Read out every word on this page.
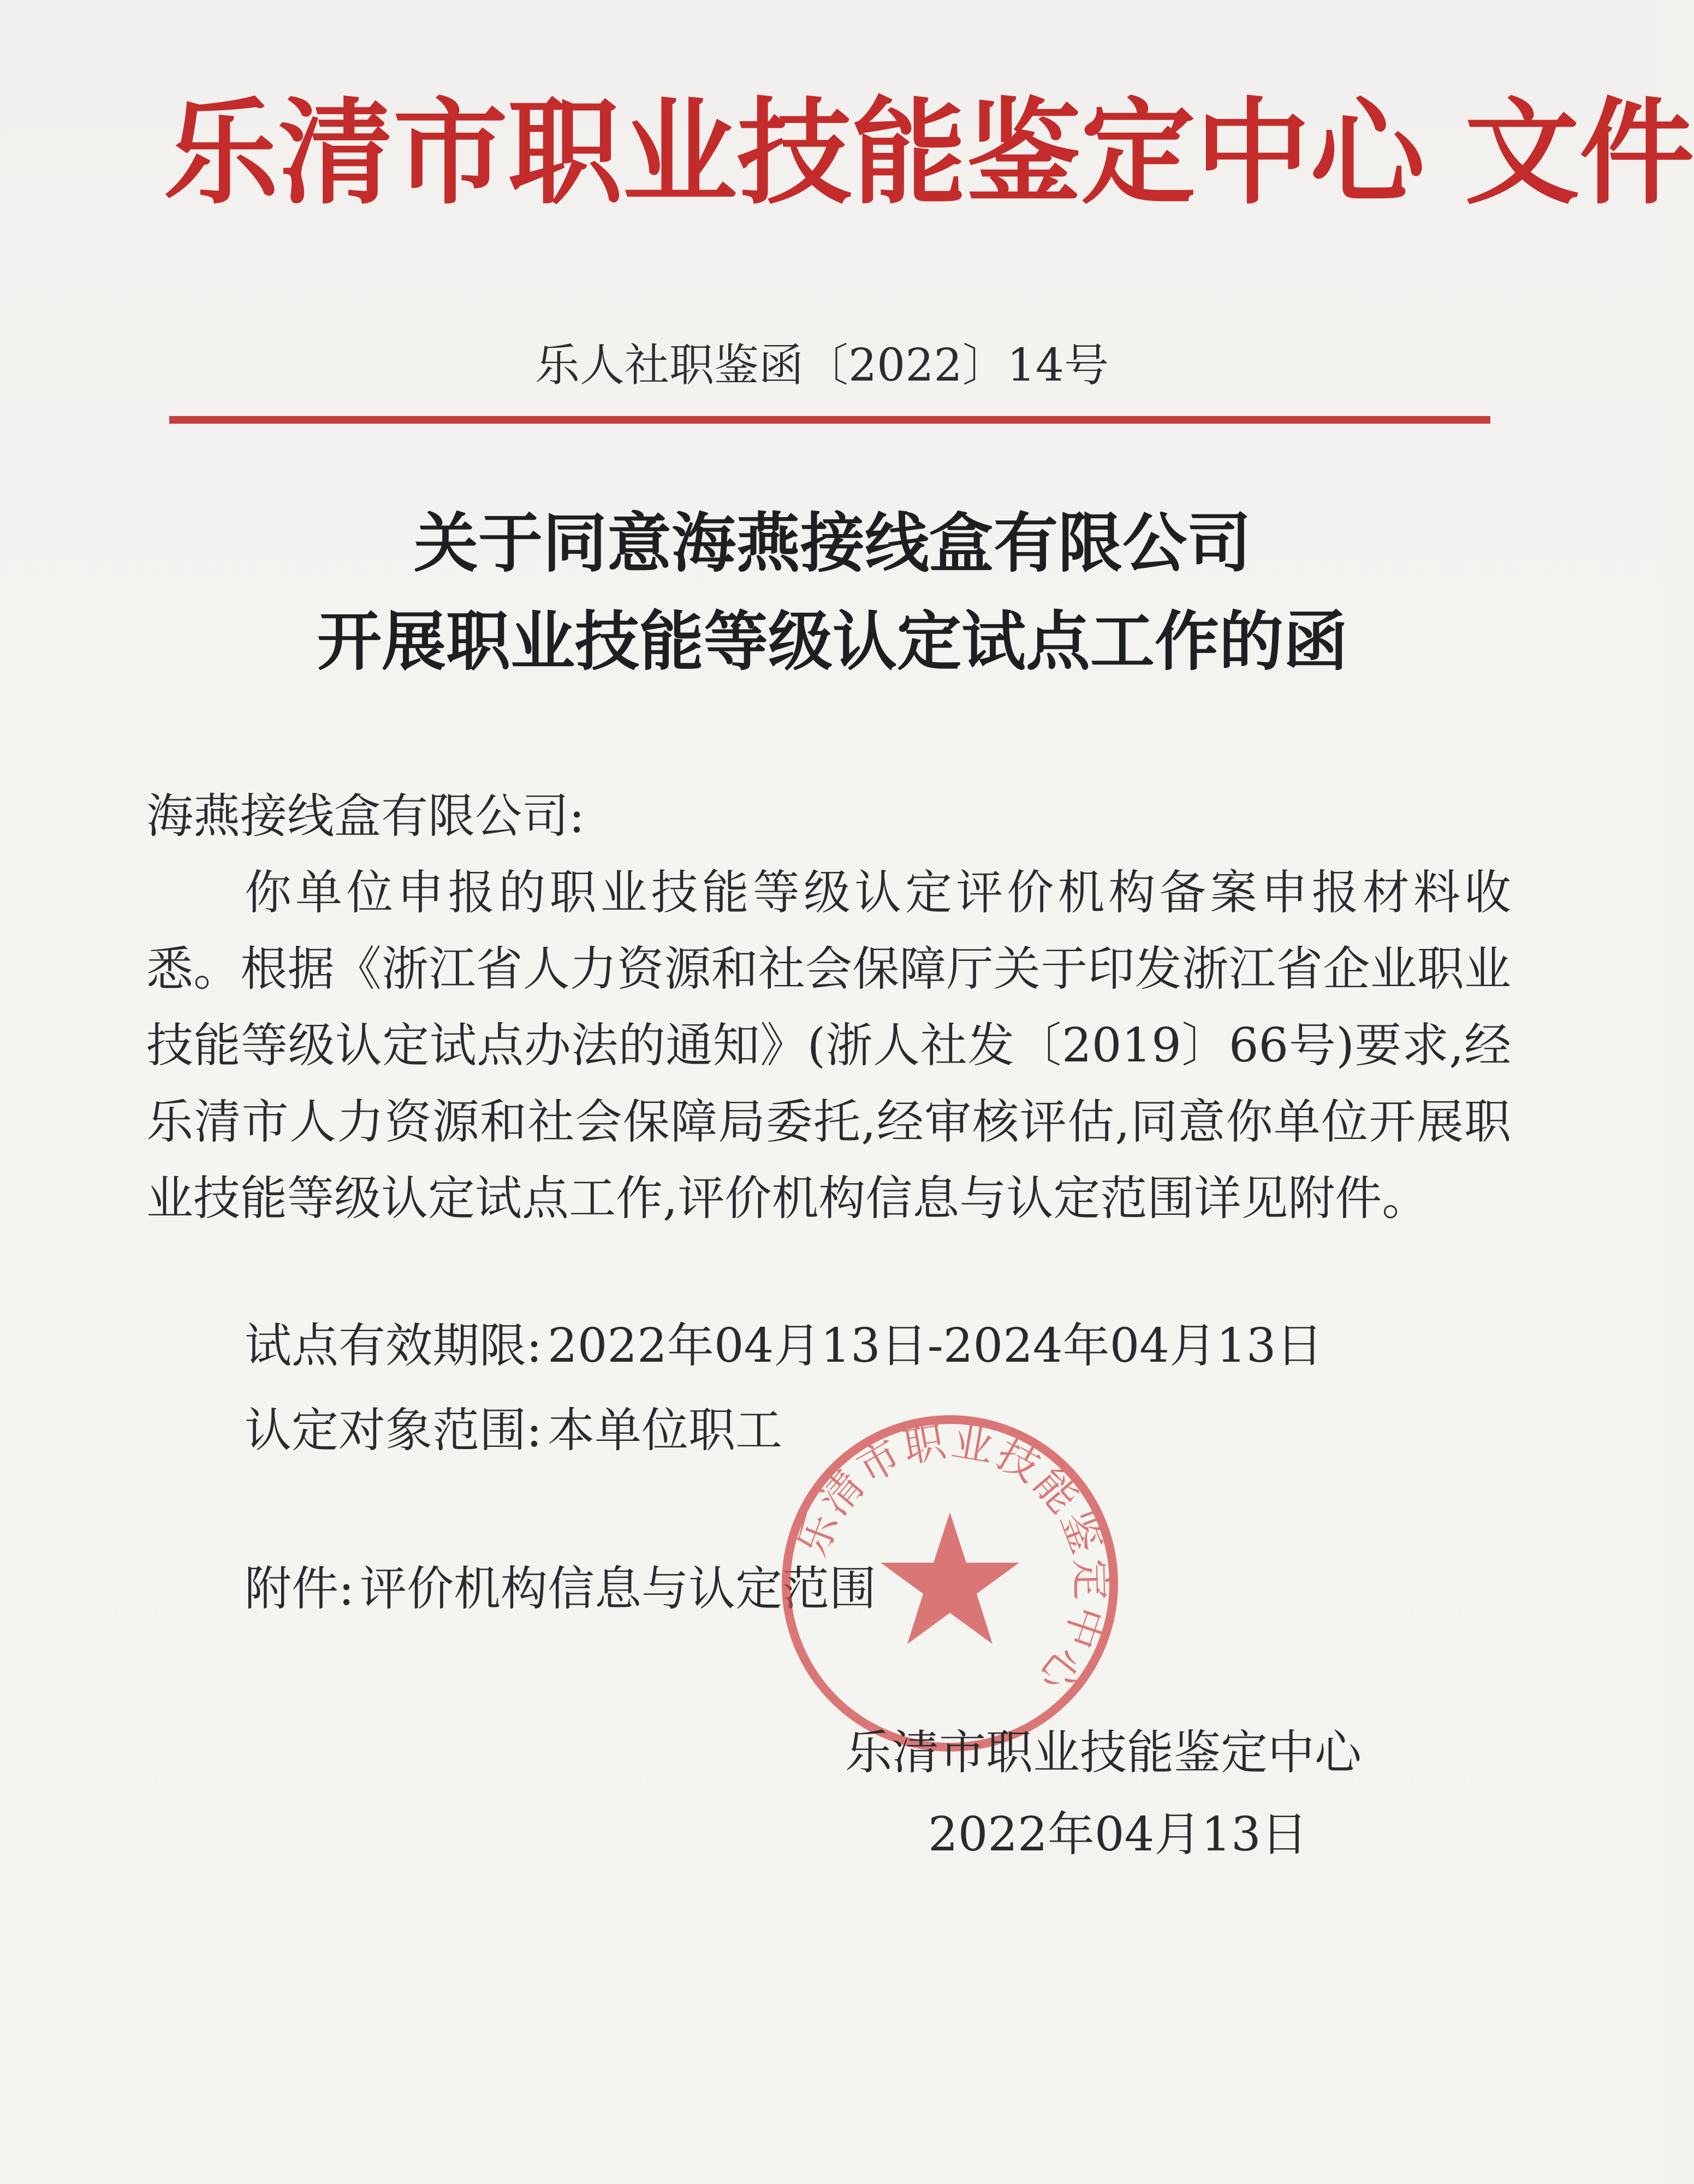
乐清市职业技能鉴定中心 文件

乐人社职鉴函〔2022〕14号

关于同意海燕接线盒有限公司
开展职业技能等级认定试点工作的函

海燕接线盒有限公司:

你单位申报的职业技能等级认定评价机构备案申报材料收悉。根据《浙江省人力资源和社会保障厅关于印发浙江省企业职业技能等级认定试点办法的通知》(浙人社发〔2019〕66号)要求,经乐清市人力资源和社会保障局委托,经审核评估,同意你单位开展职业技能等级认定试点工作,评价机构信息与认定范围详见附件。

试点有效期限: 2022年04月13日-2024年04月13日

认定对象范围: 本单位职工

附件: 评价机构信息与认定范围

乐清市职业技能鉴定中心

乐清市职业技能鉴定中心

2022年04月13日
